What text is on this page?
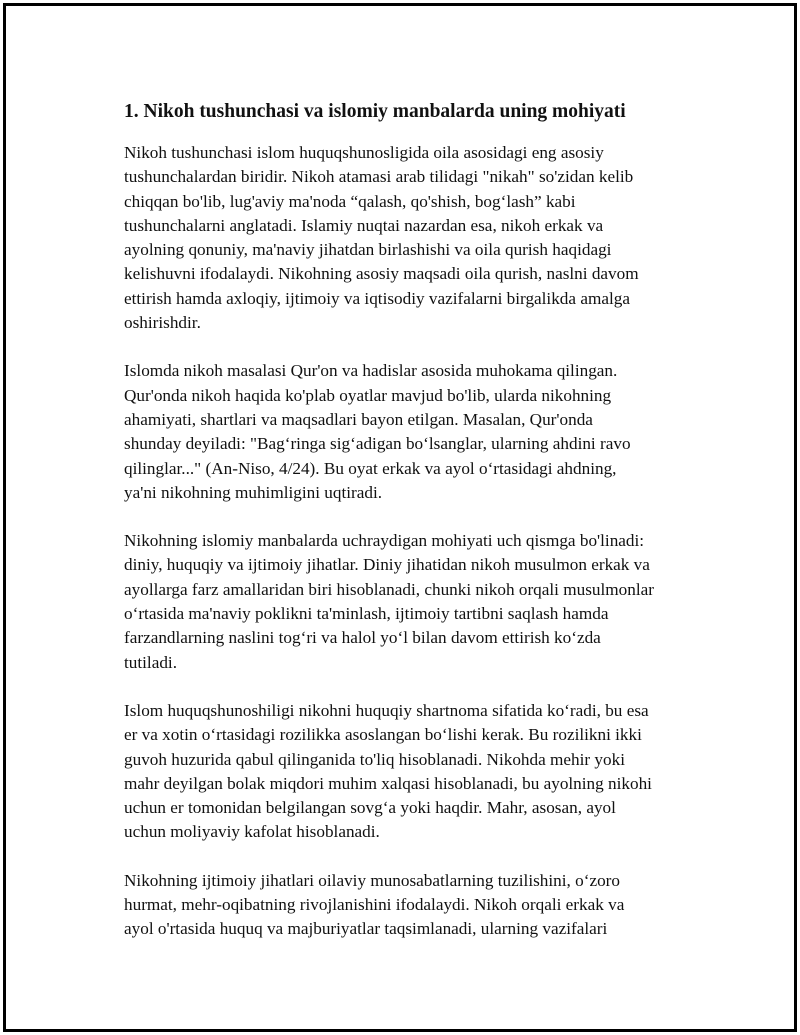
1. Nikoh tushunchasi va islomiy manbalarda uning mohiyati

Nikoh tushunchasi islom huquqshunosligida oila asosidagi eng asosiy
tushunchalardan biridir. Nikoh atamasi arab tilidagi "nikah" so'zidan kelib
chiqqan bo'lib, lug'aviy ma'noda “qalash, qo'shish, bog‘lash” kabi
tushunchalarni anglatadi. Islamiy nuqtai nazardan esa, nikoh erkak va
ayolning qonuniy, ma'naviy jihatdan birlashishi va oila qurish haqidagi
kelishuvni ifodalaydi. Nikohning asosiy maqsadi oila qurish, naslni davom
ettirish hamda axloqiy, ijtimoiy va iqtisodiy vazifalarni birgalikda amalga
oshirishdir.

Islomda nikoh masalasi Qur'on va hadislar asosida muhokama qilingan.
Qur'onda nikoh haqida ko'plab oyatlar mavjud bo'lib, ularda nikohning
ahamiyati, shartlari va maqsadlari bayon etilgan. Masalan, Qur'onda
shunday deyiladi: "Bag‘ringa sig‘adigan bo‘lsanglar, ularning ahdini ravo
qilinglar..." (An-Niso, 4/24). Bu oyat erkak va ayol o‘rtasidagi ahdning,
ya'ni nikohning muhimligini uqtiradi.

Nikohning islomiy manbalarda uchraydigan mohiyati uch qismga bo'linadi:
diniy, huquqiy va ijtimoiy jihatlar. Diniy jihatidan nikoh musulmon erkak va
ayollarga farz amallaridan biri hisoblanadi, chunki nikoh orqali musulmonlar
o‘rtasida ma'naviy poklikni ta'minlash, ijtimoiy tartibni saqlash hamda
farzandlarning naslini tog‘ri va halol yo‘l bilan davom ettirish ko‘zda
tutiladi.

Islom huquqshunoshiligi nikohni huquqiy shartnoma sifatida ko‘radi, bu esa
er va xotin o‘rtasidagi rozilikka asoslangan bo‘lishi kerak. Bu rozilikni ikki
guvoh huzurida qabul qilinganida to'liq hisoblanadi. Nikohda mehir yoki
mahr deyilgan bolak miqdori muhim xalqasi hisoblanadi, bu ayolning nikohi
uchun er tomonidan belgilangan sovg‘a yoki haqdir. Mahr, asosan, ayol
uchun moliyaviy kafolat hisoblanadi.

Nikohning ijtimoiy jihatlari oilaviy munosabatlarning tuzilishini, o‘zoro
hurmat, mehr-oqibatning rivojlanishini ifodalaydi. Nikoh orqali erkak va
ayol o'rtasida huquq va majburiyatlar taqsimlanadi, ularning vazifalari
